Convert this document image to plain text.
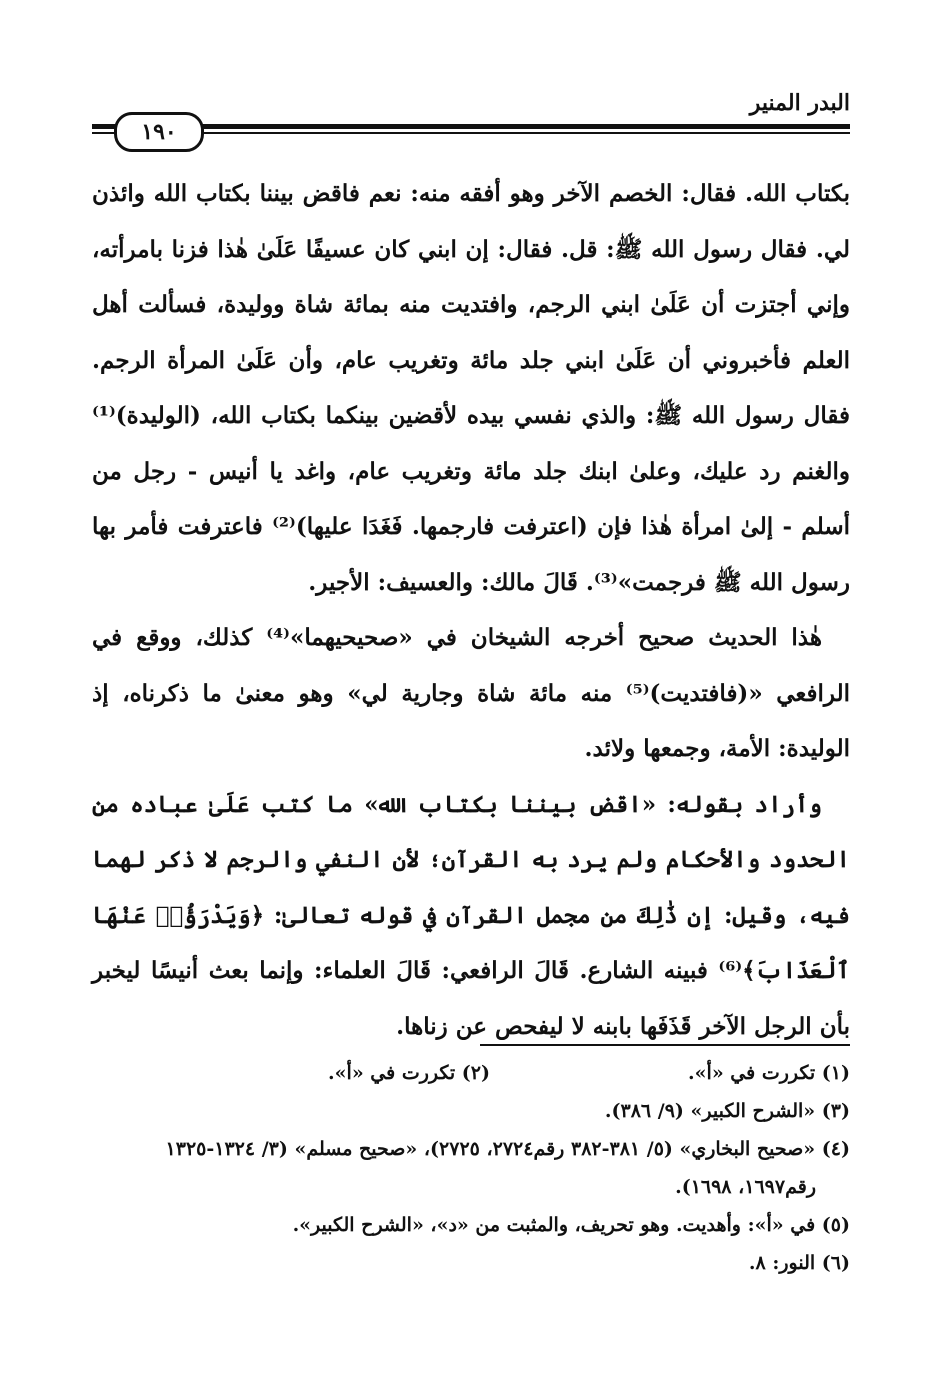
البدر المنير
١٩٠

بكتاب الله. فقال: الخصم الآخر وهو أفقه منه: نعم فاقض بيننا بكتاب الله وائذن لي. فقال رسول الله ﷺ: قل. فقال: إن ابني كان عسيفًا عَلَىٰ هٰذا فزنا بامرأته، وإني أجتزت أن عَلَىٰ ابني الرجم، وافتديت منه بمائة شاة ووليدة، فسألت أهل العلم فأخبروني أن عَلَىٰ ابني جلد مائة وتغريب عام، وأن عَلَىٰ المرأة الرجم. فقال رسول الله ﷺ: والذي نفسي بيده لأقضين بينكما بكتاب الله، (الوليدة)⁽¹⁾ والغنم رد عليك، وعلىٰ ابنك جلد مائة وتغريب عام، واغد يا أنيس - رجل من أسلم - إلىٰ امرأة هٰذا فإن (اعترفت فارجمها. فَغَدَا عليها)⁽²⁾ فاعترفت فأمر بها رسول الله ﷺ فرجمت»⁽³⁾. قَالَ مالك: والعسيف: الأجير.

هٰذا الحديث صحيح أخرجه الشيخان في «صحيحيهما»⁽⁴⁾ كذلك، ووقع في الرافعي «(فافتديت)⁽⁵⁾ منه مائة شاة وجارية لي» وهو معنىٰ ما ذكرناه، إذ الوليدة: الأمة، وجمعها ولائد.

وأراد بقوله: «اقض بيننا بكتاب الله» ما كتب عَلَىٰ عباده من الحدود والأحكام ولم يرد به القرآن؛ لأن النفي والرجم لا ذكر لهما فيه، وقيل: إن ذَٰلِكَ من مجمل القرآن في قوله تعالىٰ: ﴿وَيَدْرَؤُا۟ عَنْهَا ٱلْعَذَابَ﴾⁽⁶⁾ فبينه الشارع. قَالَ الرافعي: قَالَ العلماء: وإنما بعث أنيسًا ليخبر بأن الرجل الآخر قَذَفَها بابنه لا ليفحص عن زناها.

(١) تكررت في «أ».
(٢) تكررت في «أ».
(٣) «الشرح الكبير» (٩/ ٣٨٦).
(٤) «صحيح البخاري» (٥/ ٣٨١-٣٨٢ رقم٢٧٢٤، ٢٧٢٥)، «صحيح مسلم» (٣/ ١٣٢٤-١٣٢٥ رقم١٦٩٧، ١٦٩٨).
(٥) في «أ»: وأهديت. وهو تحريف، والمثبت من «د»، «الشرح الكبير».
(٦) النور: ٨.
